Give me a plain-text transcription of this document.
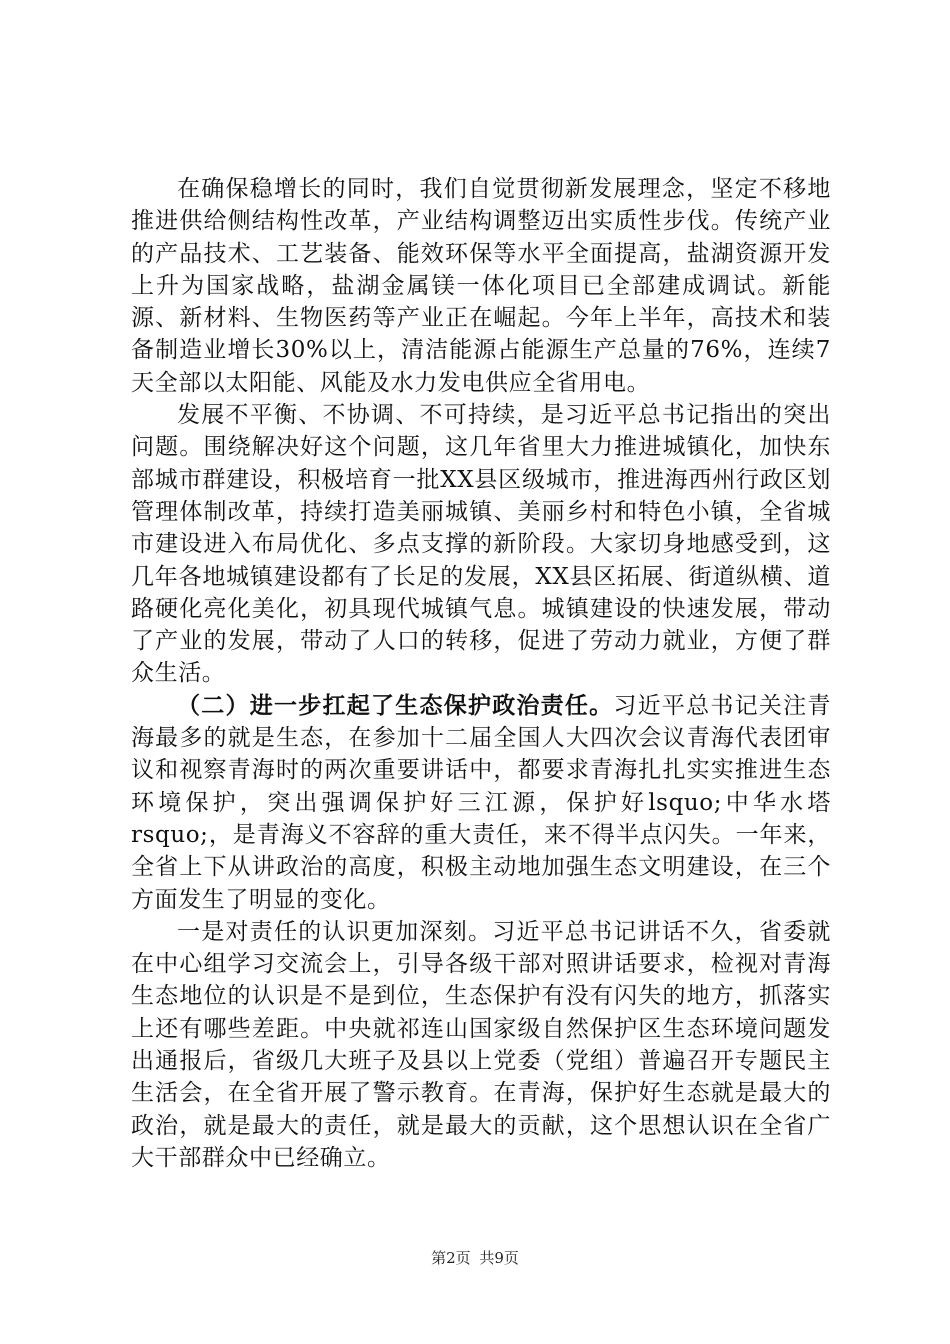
在确保稳增长的同时，我们自觉贯彻新发展理念，坚定不移地推进供给侧结构性改革，产业结构调整迈出实质性步伐。传统产业的产品技术、工艺装备、能效环保等水平全面提高，盐湖资源开发上升为国家战略，盐湖金属镁一体化项目已全部建成调试。新能源、新材料、生物医药等产业正在崛起。今年上半年，高技术和装备制造业增长30%以上，清洁能源占能源生产总量的76%，连续7天全部以太阳能、风能及水力发电供应全省用电。

发展不平衡、不协调、不可持续，是习近平总书记指出的突出问题。围绕解决好这个问题，这几年省里大力推进城镇化，加快东部城市群建设，积极培育一批XX县区级城市，推进海西州行政区划管理体制改革，持续打造美丽城镇、美丽乡村和特色小镇，全省城市建设进入布局优化、多点支撑的新阶段。大家切身地感受到，这几年各地城镇建设都有了长足的发展，XX县区拓展、街道纵横、道路硬化亮化美化，初具现代城镇气息。城镇建设的快速发展，带动了产业的发展，带动了人口的转移，促进了劳动力就业，方便了群众生活。

（二）进一步扛起了生态保护政治责任。习近平总书记关注青海最多的就是生态，在参加十二届全国人大四次会议青海代表团审议和视察青海时的两次重要讲话中，都要求青海扎扎实实推进生态环境保护，突出强调保护好三江源，保护好lsquo;中华水塔rsquo;，是青海义不容辞的重大责任，来不得半点闪失。一年来，全省上下从讲政治的高度，积极主动地加强生态文明建设，在三个方面发生了明显的变化。

一是对责任的认识更加深刻。习近平总书记讲话不久，省委就在中心组学习交流会上，引导各级干部对照讲话要求，检视对青海生态地位的认识是不是到位，生态保护有没有闪失的地方，抓落实上还有哪些差距。中央就祁连山国家级自然保护区生态环境问题发出通报后，省级几大班子及县以上党委（党组）普遍召开专题民主生活会，在全省开展了警示教育。在青海，保护好生态就是最大的政治，就是最大的责任，就是最大的贡献，这个思想认识在全省广大干部群众中已经确立。

第2页 共9页
